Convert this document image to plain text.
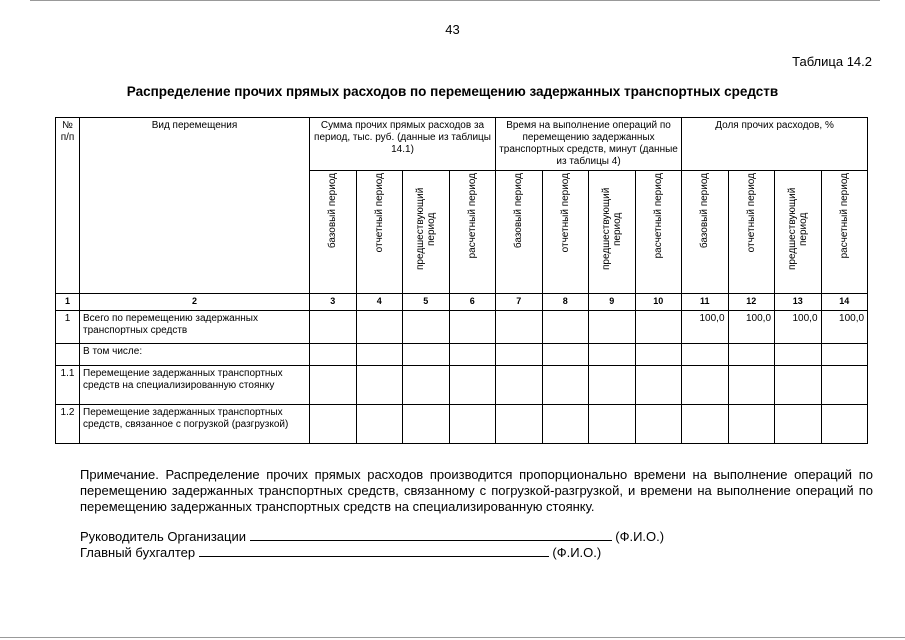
43
Таблица 14.2
Распределение прочих прямых расходов по перемещению задержанных транспортных средств
№ п/п	Вид перемещения	Сумма прочих прямых расходов за период, тыс. руб. (данные из таблицы 14.1)				Время на выполнение операций по перемещению задержанных транспортных средств, минут (данные из таблицы 4)				Доля прочих расходов, %			

		базовый период	отчетный период	предшествующий период	расчетный период	базовый период	отчетный период	предшествующий период	расчетный период	базовый период	отчетный период	предшествующий период	расчетный период

1	2	3	4	5	6	7	8	9	10	11	12	13	14
1	Всего по перемещению задержанных транспортных средств									100,0	100,0	100,0	100,0
	В том числе:												
1.1	Перемещение задержанных транспортных средств на специализированную стоянку												
1.2	Перемещение задержанных транспортных средств, связанное с погрузкой (разгрузкой)												
Примечание. Распределение прочих прямых расходов производится пропорционально времени на выполнение операций по перемещению задержанных транспортных средств, связанному с погрузкой-разгрузкой, и времени на выполнение операций по перемещению задержанных транспортных средств на специализированную стоянку.
Руководитель Организации	(Ф.И.О.)
Главный бухгалтер	(Ф.И.О.)
